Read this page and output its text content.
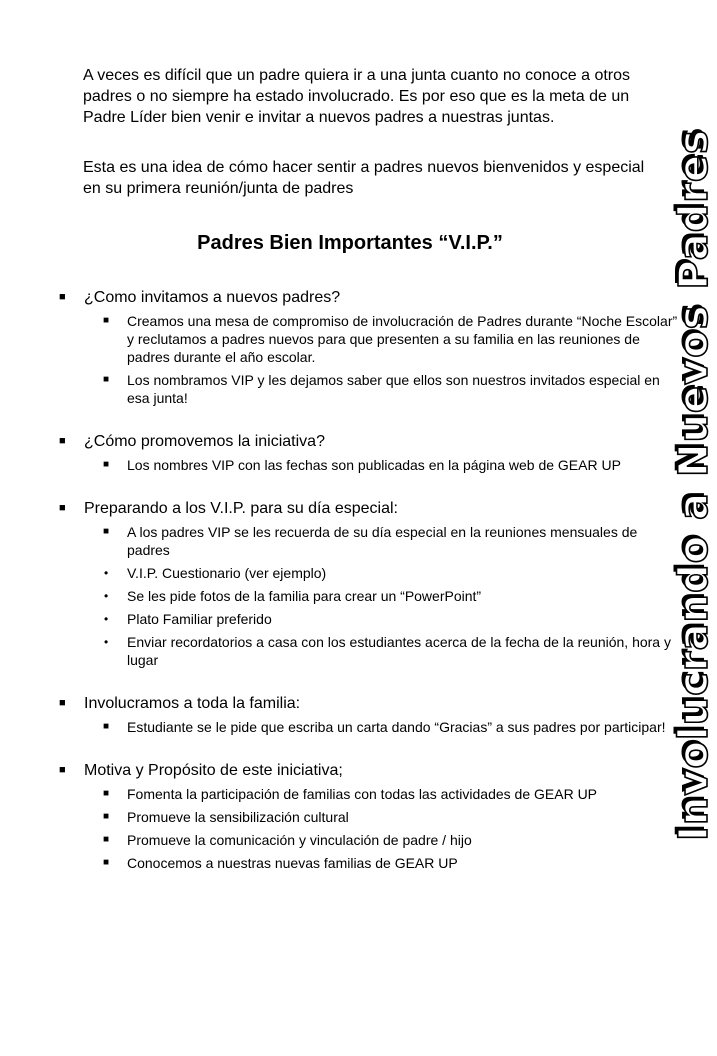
A veces es difícil que un padre quiera ir a una junta cuanto no conoce a otros padres o no siempre ha estado involucrado. Es por eso que es la meta de un Padre Líder bien venir e invitar a nuevos padres a nuestras juntas.

Esta es una idea de cómo hacer sentir a padres nuevos bienvenidos y especial en su primera reunión/junta de padres

Padres Bien Importantes “V.I.P.”
■ ¿Como invitamos a nuevos padres?
■ Creamos una mesa de compromiso de involucración de Padres durante “Noche Escolar” y reclutamos a padres nuevos para que presenten a su familia en las reuniones de padres durante el año escolar.
■ Los nombramos VIP y les dejamos saber que ellos son nuestros invitados especial en esa junta!
■ ¿Cómo promovemos la iniciativa?
■ Los nombres VIP con las fechas son publicadas en la página web de GEAR UP
■ Preparando a los V.I.P. para su día especial:
■ A los padres VIP se les recuerda de su día especial en la reuniones mensuales de padres
• V.I.P. Cuestionario (ver ejemplo)
• Se les pide fotos de la familia para crear un “PowerPoint”
• Plato Familiar preferido
• Enviar recordatorios a casa con los estudiantes acerca de la fecha de la reunión, hora y lugar
■ Involucramos a toda la familia:
■ Estudiante se le pide que escriba un carta dando “Gracias” a sus padres por participar!
■ Motiva y Propósito de este iniciativa;
■ Fomenta la participación de familias con todas las actividades de GEAR UP
■ Promueve la sensibilización cultural
■ Promueve la comunicación y vinculación de padre / hijo
■ Conocemos a nuestras nuevas familias de GEAR UP
Involucrando a Nuevos Padres
